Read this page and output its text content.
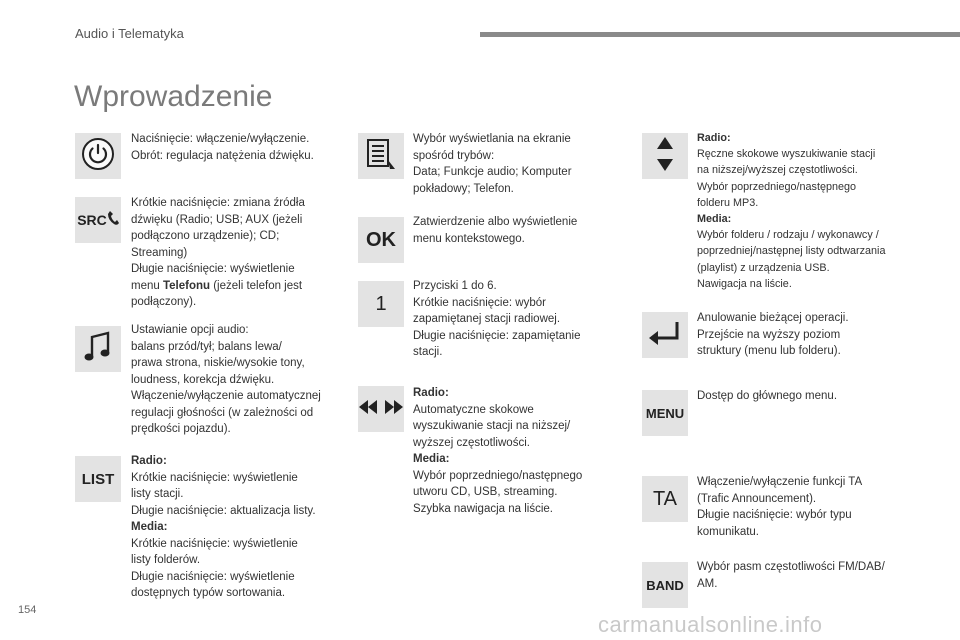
Audio i Telematyka
Wprowadzenie

Naciśnięcie: włączenie/wyłączenie.

Obrót: regulacja natężenia dźwięku.

SRC

Krótkie naciśnięcie: zmiana źródła

dźwięku (Radio; USB; AUX (jeżeli

podłączono urządzenie); CD;

Streaming)

Długie naciśnięcie: wyświetlenie

menu Telefonu (jeżeli telefon jest

podłączony).

Ustawianie opcji audio:

balans przód/tył; balans lewa/

prawa strona, niskie/wysokie tony,

loudness, korekcja dźwięku.

Włączenie/wyłączenie automatycznej

regulacji głośności (w zależności od

prędkości pojazdu).

LIST

Radio:

Krótkie naciśnięcie: wyświetlenie

listy stacji.

Długie naciśnięcie: aktualizacja listy.

Media:

Krótkie naciśnięcie: wyświetlenie

listy folderów.

Długie naciśnięcie: wyświetlenie

dostępnych typów sortowania.

Wybór wyświetlania na ekranie

spośród trybów:

Data; Funkcje audio; Komputer

pokładowy; Telefon.

OK

Zatwierdzenie albo wyświetlenie

menu kontekstowego.

1

Przyciski 1 do 6.

Krótkie naciśnięcie: wybór

zapamiętanej stacji radiowej.

Długie naciśnięcie: zapamiętanie

stacji.

Radio:

Automatyczne skokowe

wyszukiwanie stacji na niższej/

wyższej częstotliwości.

Media:

Wybór poprzedniego/następnego

utworu CD, USB, streaming.

Szybka nawigacja na liście.

Radio:

Ręczne skokowe wyszukiwanie stacji

na niższej/wyższej częstotliwości.

Wybór poprzedniego/następnego

folderu MP3.

Media:

Wybór folderu / rodzaju / wykonawcy /

poprzedniej/następnej listy odtwarzania

(playlist) z urządzenia USB.

Nawigacja na liście.

Anulowanie bieżącej operacji.

Przejście na wyższy poziom

struktury (menu lub folderu).

MENU

Dostęp do głównego menu.

TA

Włączenie/wyłączenie funkcji TA

(Trafic Announcement).

Długie naciśnięcie: wybór typu

komunikatu.

BAND

Wybór pasm częstotliwości FM/DAB/

AM.

154
carmanualsonline.info
